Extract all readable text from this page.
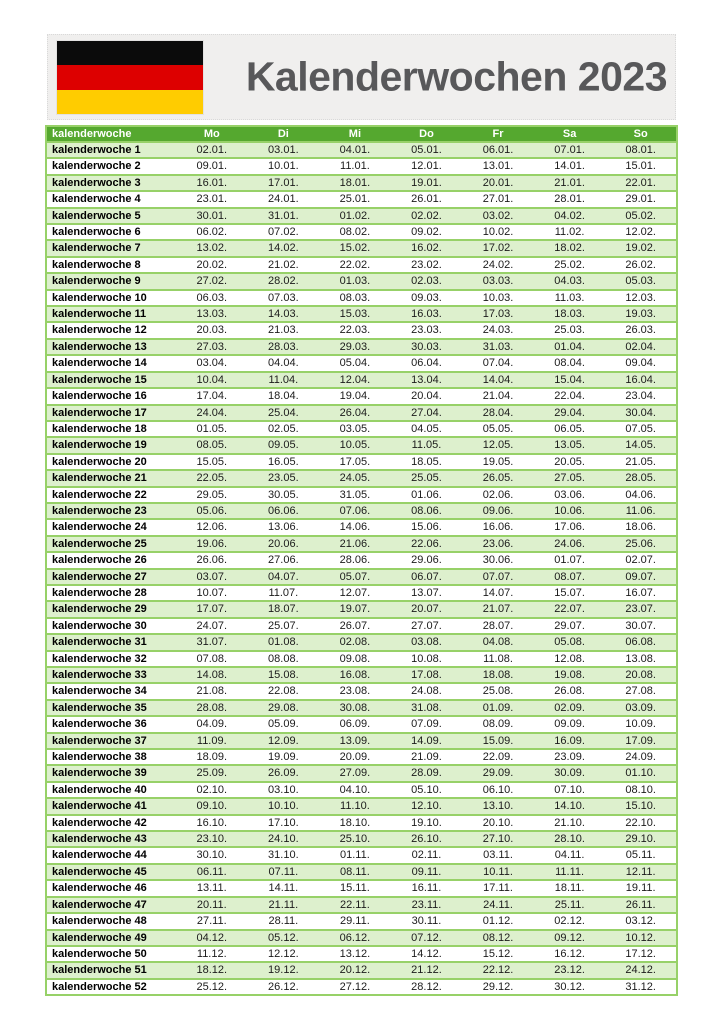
Kalenderwochen 2023
kalenderwoche	Mo	Di	Mi	Do	Fr	Sa	So
kalenderwoche 1	02.01.	03.01.	04.01.	05.01.	06.01.	07.01.	08.01.
kalenderwoche 2	09.01.	10.01.	11.01.	12.01.	13.01.	14.01.	15.01.
kalenderwoche 3	16.01.	17.01.	18.01.	19.01.	20.01.	21.01.	22.01.
kalenderwoche 4	23.01.	24.01.	25.01.	26.01.	27.01.	28.01.	29.01.
kalenderwoche 5	30.01.	31.01.	01.02.	02.02.	03.02.	04.02.	05.02.
kalenderwoche 6	06.02.	07.02.	08.02.	09.02.	10.02.	11.02.	12.02.
kalenderwoche 7	13.02.	14.02.	15.02.	16.02.	17.02.	18.02.	19.02.
kalenderwoche 8	20.02.	21.02.	22.02.	23.02.	24.02.	25.02.	26.02.
kalenderwoche 9	27.02.	28.02.	01.03.	02.03.	03.03.	04.03.	05.03.
kalenderwoche 10	06.03.	07.03.	08.03.	09.03.	10.03.	11.03.	12.03.
kalenderwoche 11	13.03.	14.03.	15.03.	16.03.	17.03.	18.03.	19.03.
kalenderwoche 12	20.03.	21.03.	22.03.	23.03.	24.03.	25.03.	26.03.
kalenderwoche 13	27.03.	28.03.	29.03.	30.03.	31.03.	01.04.	02.04.
kalenderwoche 14	03.04.	04.04.	05.04.	06.04.	07.04.	08.04.	09.04.
kalenderwoche 15	10.04.	11.04.	12.04.	13.04.	14.04.	15.04.	16.04.
kalenderwoche 16	17.04.	18.04.	19.04.	20.04.	21.04.	22.04.	23.04.
kalenderwoche 17	24.04.	25.04.	26.04.	27.04.	28.04.	29.04.	30.04.
kalenderwoche 18	01.05.	02.05.	03.05.	04.05.	05.05.	06.05.	07.05.
kalenderwoche 19	08.05.	09.05.	10.05.	11.05.	12.05.	13.05.	14.05.
kalenderwoche 20	15.05.	16.05.	17.05.	18.05.	19.05.	20.05.	21.05.
kalenderwoche 21	22.05.	23.05.	24.05.	25.05.	26.05.	27.05.	28.05.
kalenderwoche 22	29.05.	30.05.	31.05.	01.06.	02.06.	03.06.	04.06.
kalenderwoche 23	05.06.	06.06.	07.06.	08.06.	09.06.	10.06.	11.06.
kalenderwoche 24	12.06.	13.06.	14.06.	15.06.	16.06.	17.06.	18.06.
kalenderwoche 25	19.06.	20.06.	21.06.	22.06.	23.06.	24.06.	25.06.
kalenderwoche 26	26.06.	27.06.	28.06.	29.06.	30.06.	01.07.	02.07.
kalenderwoche 27	03.07.	04.07.	05.07.	06.07.	07.07.	08.07.	09.07.
kalenderwoche 28	10.07.	11.07.	12.07.	13.07.	14.07.	15.07.	16.07.
kalenderwoche 29	17.07.	18.07.	19.07.	20.07.	21.07.	22.07.	23.07.
kalenderwoche 30	24.07.	25.07.	26.07.	27.07.	28.07.	29.07.	30.07.
kalenderwoche 31	31.07.	01.08.	02.08.	03.08.	04.08.	05.08.	06.08.
kalenderwoche 32	07.08.	08.08.	09.08.	10.08.	11.08.	12.08.	13.08.
kalenderwoche 33	14.08.	15.08.	16.08.	17.08.	18.08.	19.08.	20.08.
kalenderwoche 34	21.08.	22.08.	23.08.	24.08.	25.08.	26.08.	27.08.
kalenderwoche 35	28.08.	29.08.	30.08.	31.08.	01.09.	02.09.	03.09.
kalenderwoche 36	04.09.	05.09.	06.09.	07.09.	08.09.	09.09.	10.09.
kalenderwoche 37	11.09.	12.09.	13.09.	14.09.	15.09.	16.09.	17.09.
kalenderwoche 38	18.09.	19.09.	20.09.	21.09.	22.09.	23.09.	24.09.
kalenderwoche 39	25.09.	26.09.	27.09.	28.09.	29.09.	30.09.	01.10.
kalenderwoche 40	02.10.	03.10.	04.10.	05.10.	06.10.	07.10.	08.10.
kalenderwoche 41	09.10.	10.10.	11.10.	12.10.	13.10.	14.10.	15.10.
kalenderwoche 42	16.10.	17.10.	18.10.	19.10.	20.10.	21.10.	22.10.
kalenderwoche 43	23.10.	24.10.	25.10.	26.10.	27.10.	28.10.	29.10.
kalenderwoche 44	30.10.	31.10.	01.11.	02.11.	03.11.	04.11.	05.11.
kalenderwoche 45	06.11.	07.11.	08.11.	09.11.	10.11.	11.11.	12.11.
kalenderwoche 46	13.11.	14.11.	15.11.	16.11.	17.11.	18.11.	19.11.
kalenderwoche 47	20.11.	21.11.	22.11.	23.11.	24.11.	25.11.	26.11.
kalenderwoche 48	27.11.	28.11.	29.11.	30.11.	01.12.	02.12.	03.12.
kalenderwoche 49	04.12.	05.12.	06.12.	07.12.	08.12.	09.12.	10.12.
kalenderwoche 50	11.12.	12.12.	13.12.	14.12.	15.12.	16.12.	17.12.
kalenderwoche 51	18.12.	19.12.	20.12.	21.12.	22.12.	23.12.	24.12.
kalenderwoche 52	25.12.	26.12.	27.12.	28.12.	29.12.	30.12.	31.12.
